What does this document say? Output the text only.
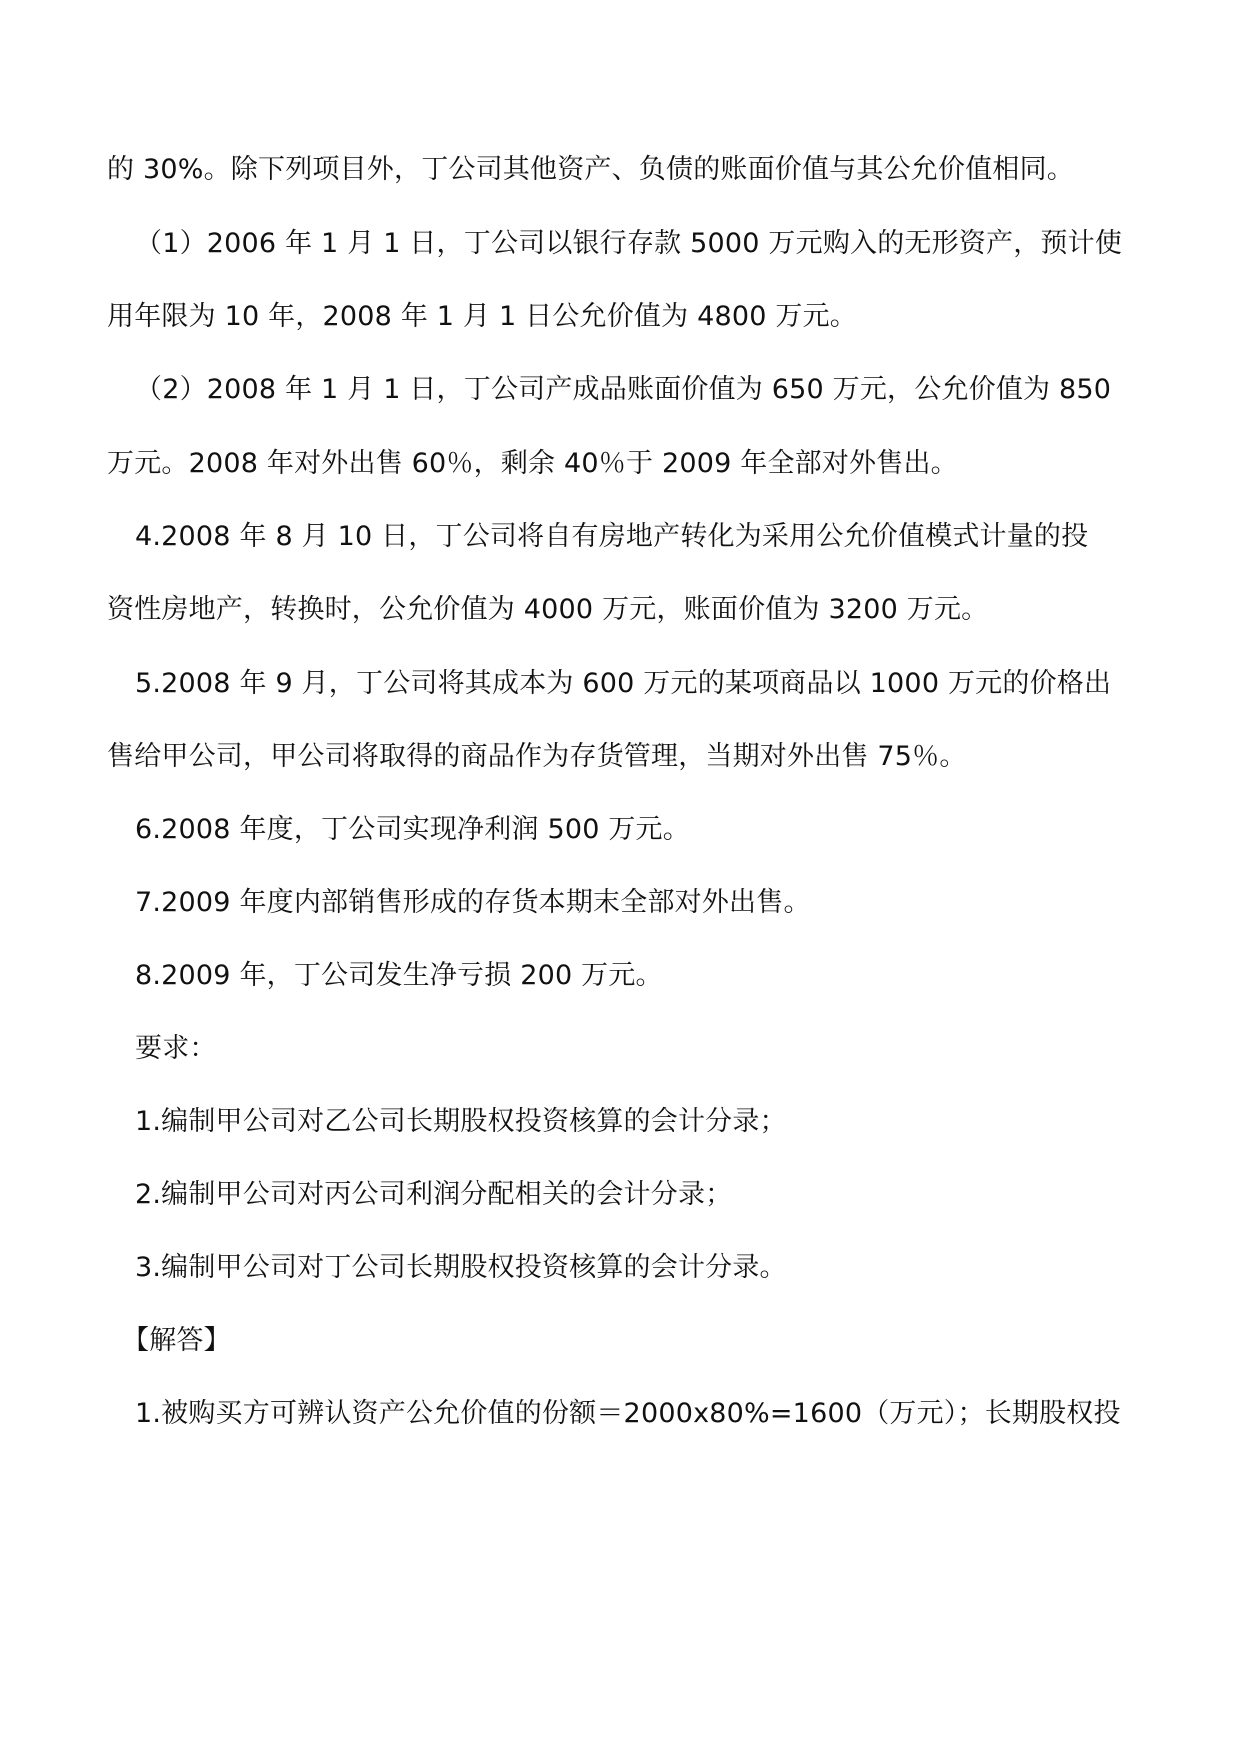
的 30%。除下列项目外，丁公司其他资产、负债的账面价值与其公允价值相同。
（1）2006 年 1 月 1 日，丁公司以银行存款 5000 万元购入的无形资产，预计使
用年限为 10 年，2008 年 1 月 1 日公允价值为 4800 万元。
（2）2008 年 1 月 1 日，丁公司产成品账面价值为 650 万元，公允价值为 850
万元。2008 年对外出售 60％，剩余 40％于 2009 年全部对外售出。
4.2008 年 8 月 10 日，丁公司将自有房地产转化为采用公允价值模式计量的投
资性房地产，转换时，公允价值为 4000 万元，账面价值为 3200 万元。
5.2008 年 9 月，丁公司将其成本为 600 万元的某项商品以 1000 万元的价格出
售给甲公司，甲公司将取得的商品作为存货管理，当期对外出售 75％。
6.2008 年度，丁公司实现净利润 500 万元。
7.2009 年度内部销售形成的存货本期末全部对外出售。
8.2009 年，丁公司发生净亏损 200 万元。
要求：
1.编制甲公司对乙公司长期股权投资核算的会计分录；
2.编制甲公司对丙公司利润分配相关的会计分录；
3.编制甲公司对丁公司长期股权投资核算的会计分录。
【解答】
1.被购买方可辨认资产公允价值的份额＝2000x80%=1600（万元）；长期股权投
